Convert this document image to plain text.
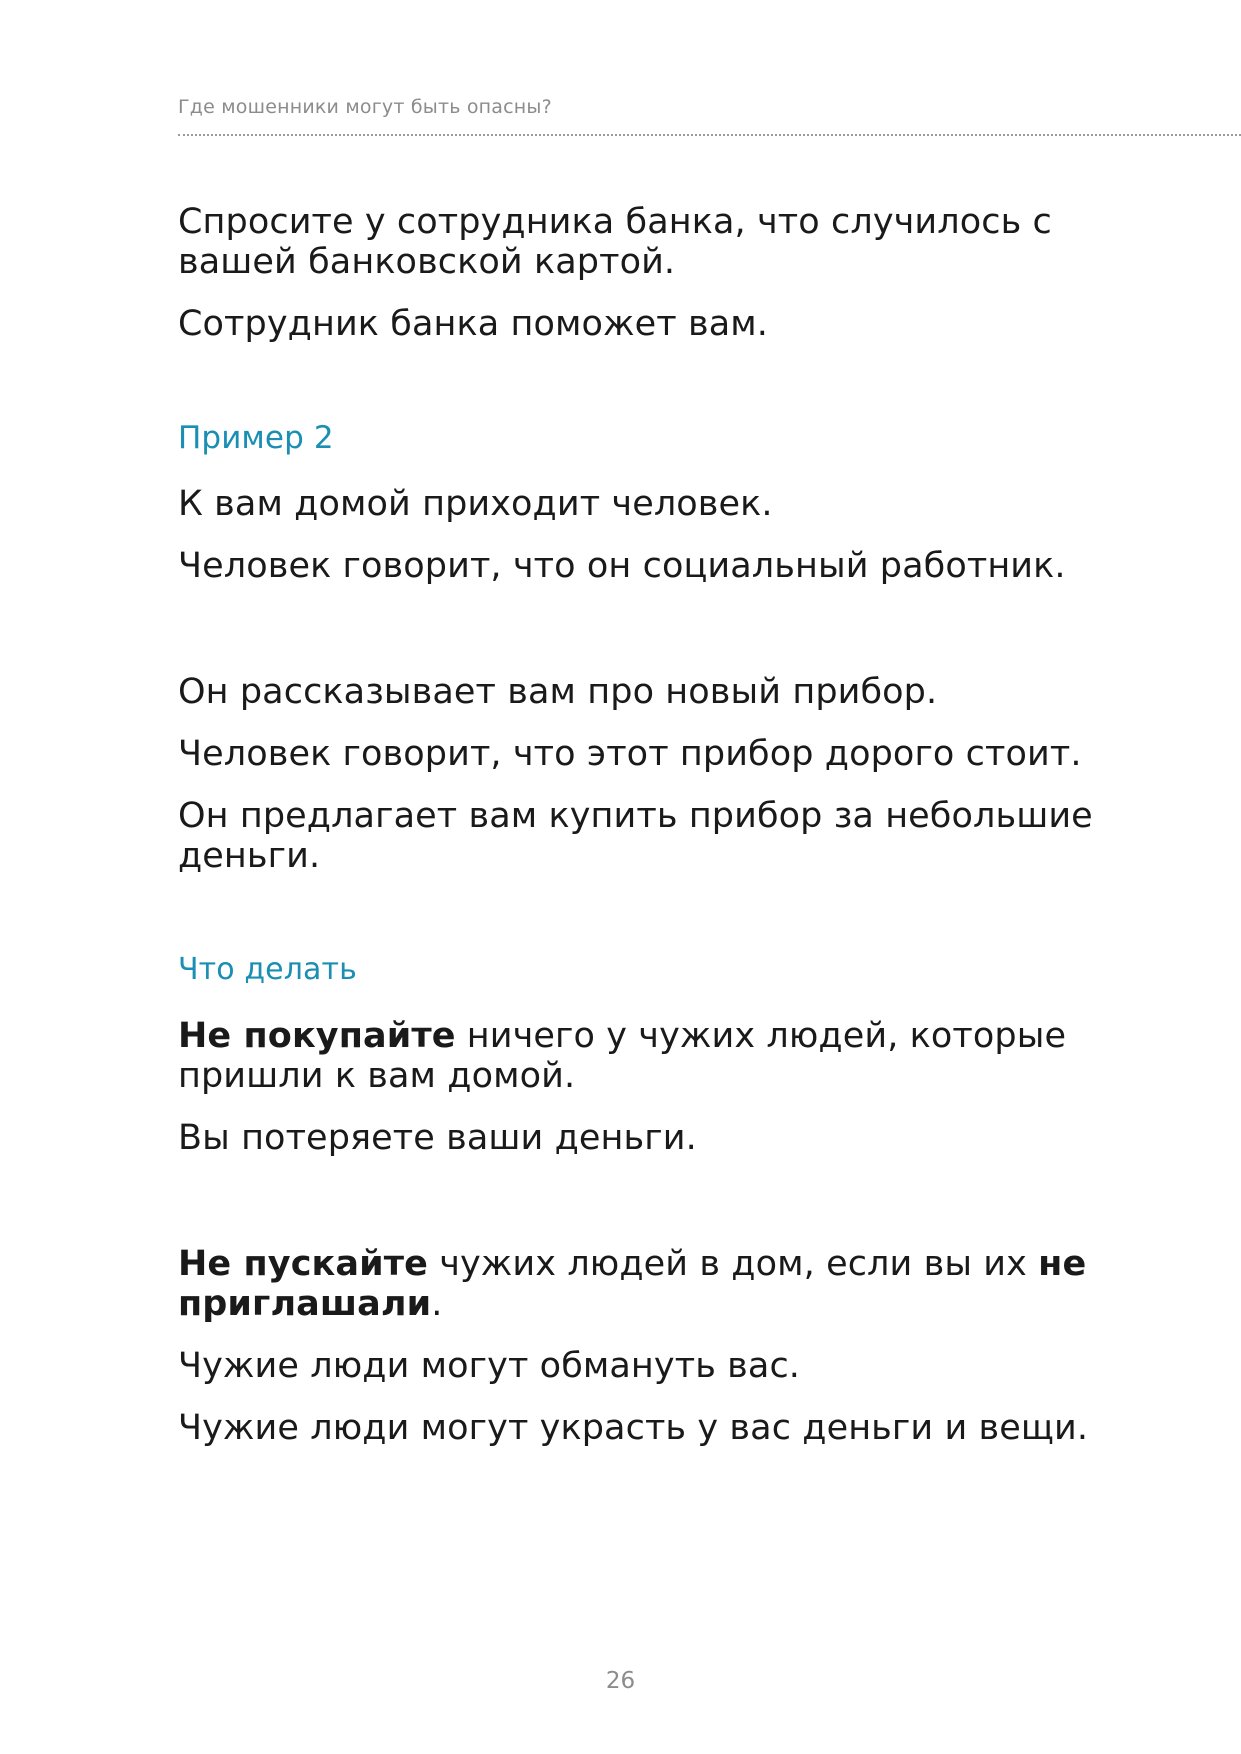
Где мошенники могут быть опасны?

Спросите у сотрудника банка, что случилось с вашей банковской картой.

Сотрудник банка поможет вам.

Пример 2

К вам домой приходит человек.

Человек говорит, что он социальный работник.

Он рассказывает вам про новый прибор.

Человек говорит, что этот прибор дорого стоит.

Он предлагает вам купить прибор за небольшие деньги.

Что делать

Не покупайте ничего у чужих людей, которые пришли к вам домой.

Вы потеряете ваши деньги.

Не пускайте чужих людей в дом, если вы их не приглашали.

Чужие люди могут обмануть вас.

Чужие люди могут украсть у вас деньги и вещи.

26
